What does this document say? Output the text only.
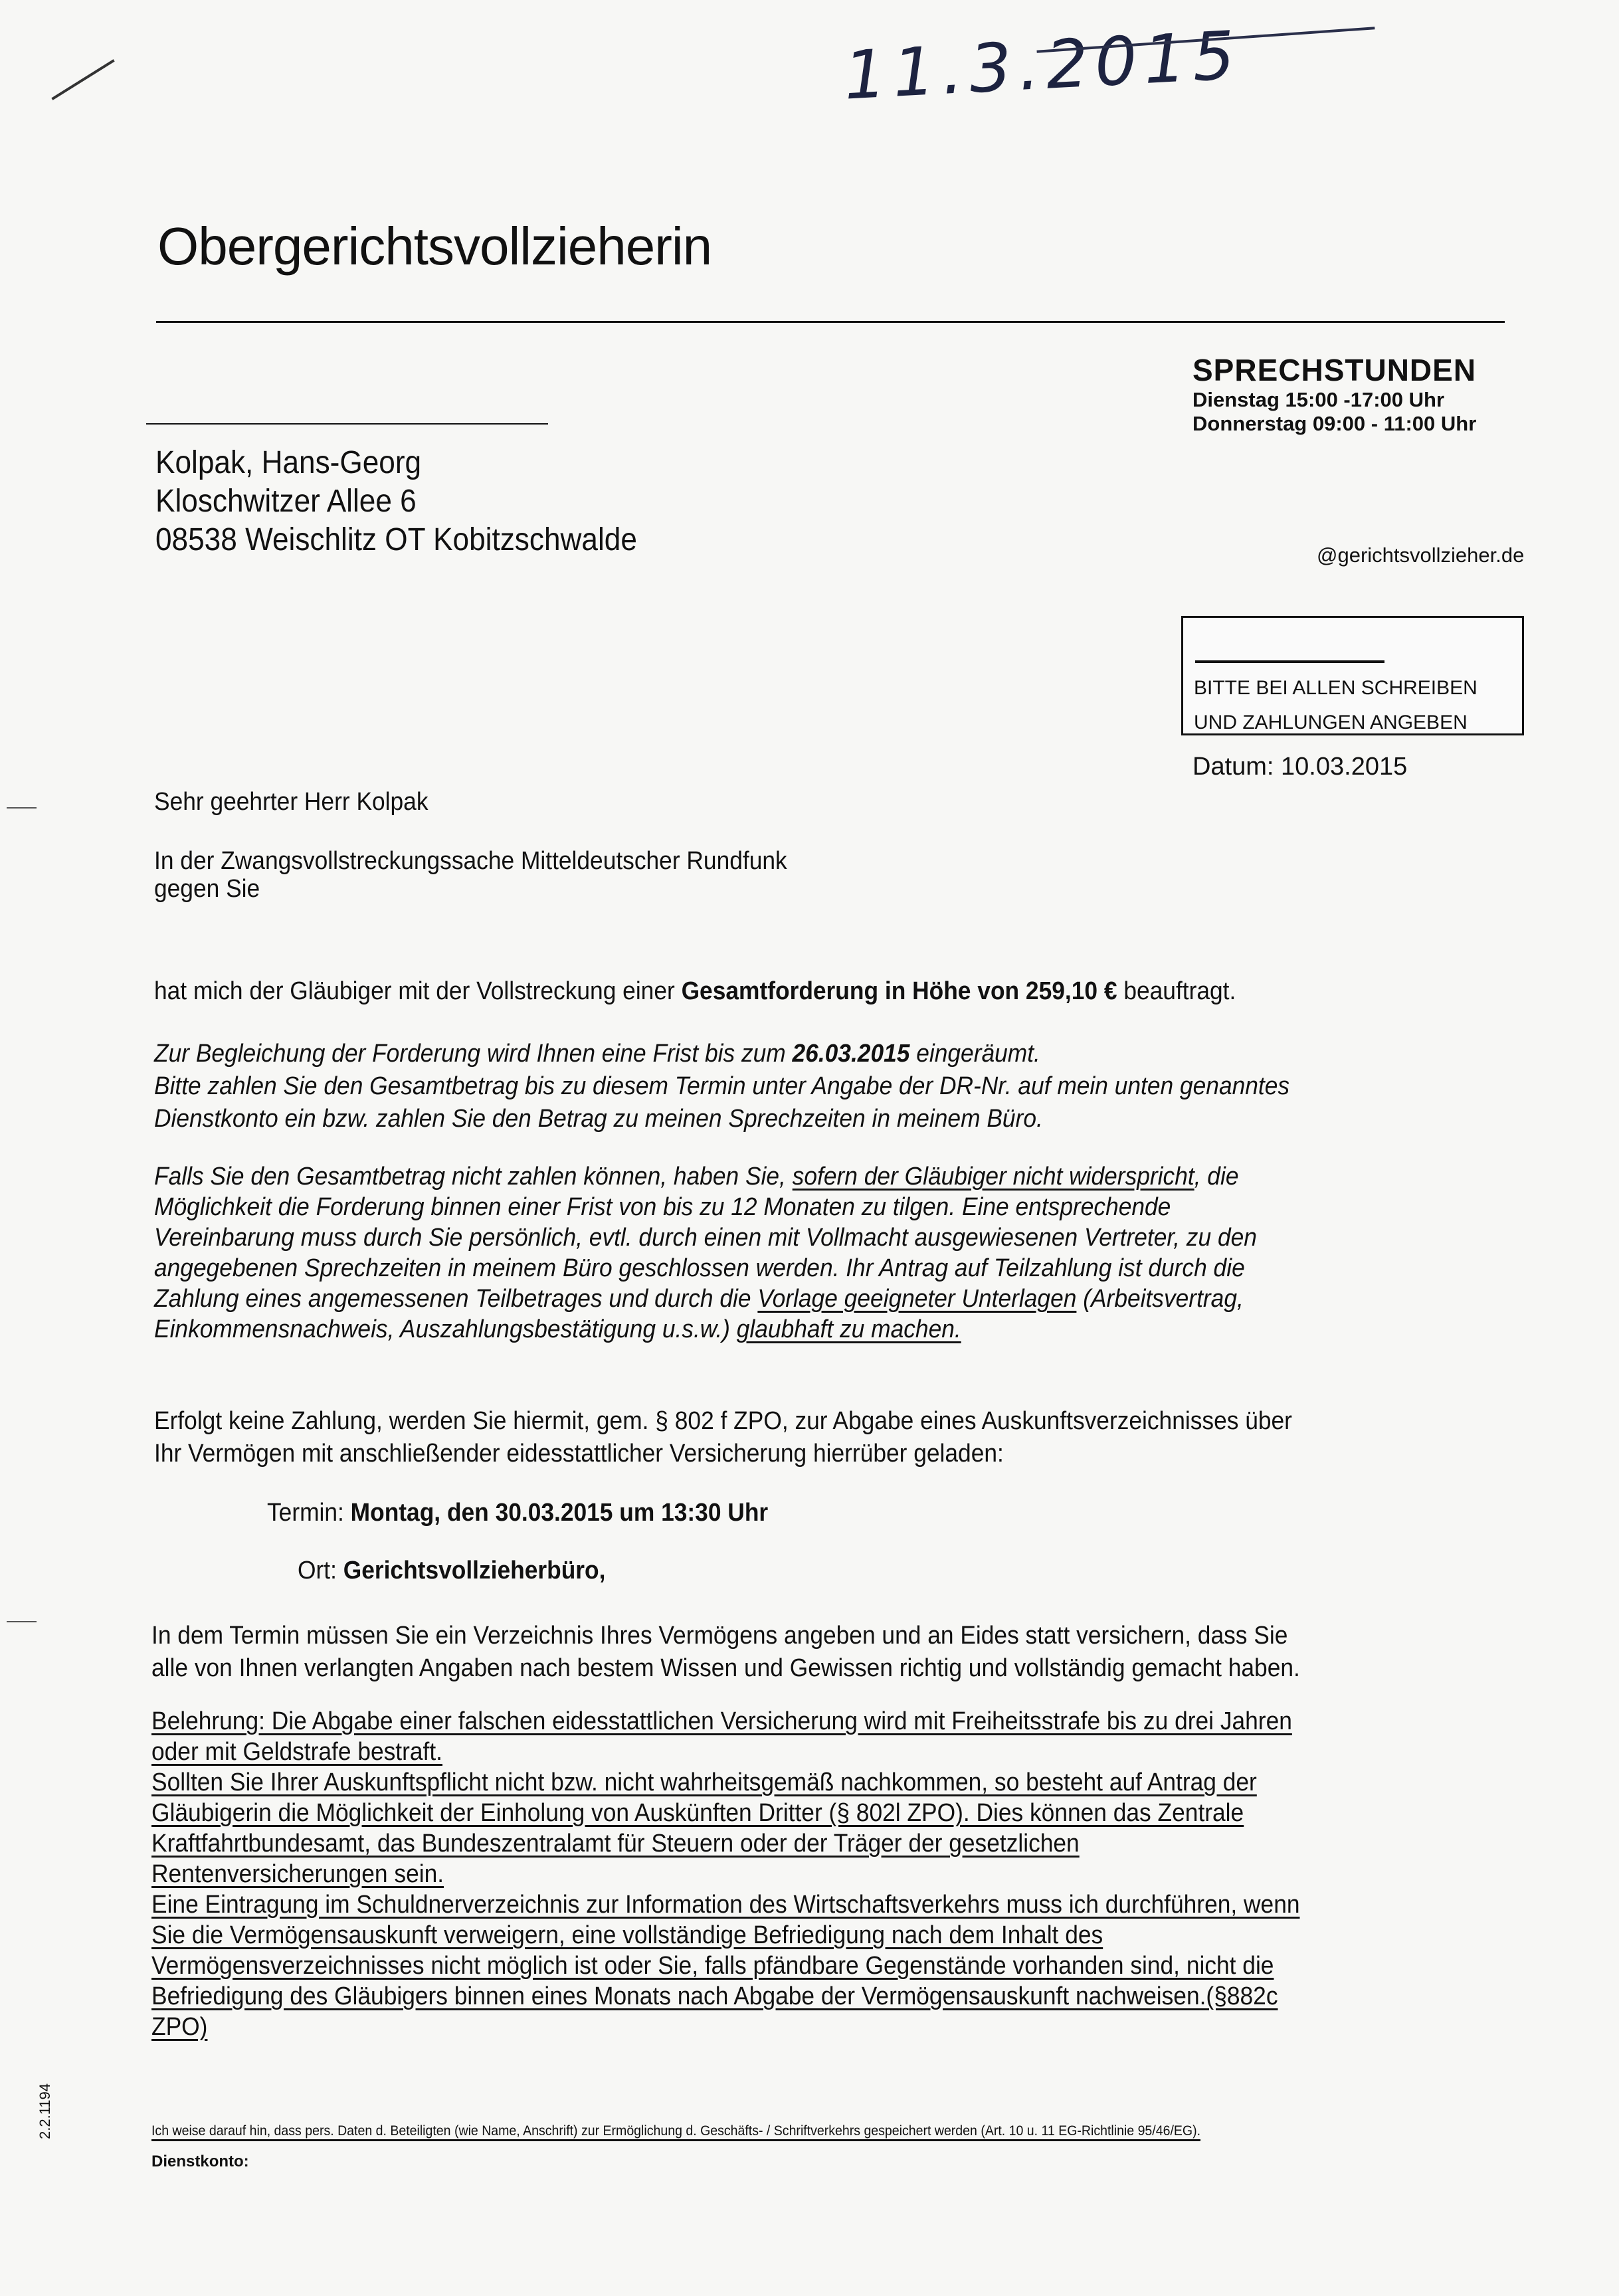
11.3.2015
Obergerichtsvollzieherin
SPRECHSTUNDEN
Dienstag 15:00 -17:00 Uhr
Donnerstag 09:00 - 11:00 Uhr
Kolpak, Hans-Georg
Kloschwitzer Allee 6
08538 Weischlitz OT Kobitzschwalde	@gerichtsvollzieher.de
BITTE BEI ALLEN SCHREIBEN
UND ZAHLUNGEN ANGEBEN
Datum: 10.03.2015
Sehr geehrter Herr Kolpak
In der Zwangsvollstreckungssache Mitteldeutscher Rundfunk
gegen Sie
hat mich der Gläubiger mit der Vollstreckung einer Gesamtforderung in Höhe von 259,10 € beauftragt.
Zur Begleichung der Forderung wird Ihnen eine Frist bis zum 26.03.2015 eingeräumt.
Bitte zahlen Sie den Gesamtbetrag bis zu diesem Termin unter Angabe der DR-Nr. auf mein unten genanntes
Dienstkonto ein bzw. zahlen Sie den Betrag zu meinen Sprechzeiten in meinem Büro.
Falls Sie den Gesamtbetrag nicht zahlen können, haben Sie, sofern der Gläubiger nicht widerspricht, die
Möglichkeit die Forderung binnen einer Frist von bis zu 12 Monaten zu tilgen. Eine entsprechende
Vereinbarung muss durch Sie persönlich, evtl. durch einen mit Vollmacht ausgewiesenen Vertreter, zu den
angegebenen Sprechzeiten in meinem Büro geschlossen werden. Ihr Antrag auf Teilzahlung ist durch die
Zahlung eines angemessenen Teilbetrages und durch die Vorlage geeigneter Unterlagen (Arbeitsvertrag,
Einkommensnachweis, Auszahlungsbestätigung u.s.w.) glaubhaft zu machen.
Erfolgt keine Zahlung, werden Sie hiermit, gem. § 802 f ZPO, zur Abgabe eines Auskunftsverzeichnisses über
Ihr Vermögen mit anschließender eidesstattlicher Versicherung hierrüber geladen:
Termin: Montag, den 30.03.2015 um 13:30 Uhr
Ort: Gerichtsvollzieherbüro,
In dem Termin müssen Sie ein Verzeichnis Ihres Vermögens angeben und an Eides statt versichern, dass Sie
alle von Ihnen verlangten Angaben nach bestem Wissen und Gewissen richtig und vollständig gemacht haben.
Belehrung: Die Abgabe einer falschen eidesstattlichen Versicherung wird mit Freiheitsstrafe bis zu drei Jahren
oder mit Geldstrafe bestraft.
Sollten Sie Ihrer Auskunftspflicht nicht bzw. nicht wahrheitsgemäß nachkommen, so besteht auf Antrag der
Gläubigerin die Möglichkeit der Einholung von Auskünften Dritter (§ 802l ZPO). Dies können das Zentrale
Kraftfahrtbundesamt, das Bundeszentralamt für Steuern oder der Träger der gesetzlichen
Rentenversicherungen sein.
Eine Eintragung im Schuldnerverzeichnis zur Information des Wirtschaftsverkehrs muss ich durchführen, wenn
Sie die Vermögensauskunft verweigern, eine vollständige Befriedigung nach dem Inhalt des
Vermögensverzeichnisses nicht möglich ist oder Sie, falls pfändbare Gegenstände vorhanden sind, nicht die
Befriedigung des Gläubigers binnen eines Monats nach Abgabe der Vermögensauskunft nachweisen.(§882c
ZPO)
Ich weise darauf hin, dass pers. Daten d. Beteiligten (wie Name, Anschrift) zur Ermöglichung d. Geschäfts- / Schriftverkehrs gespeichert werden (Art. 10 u. 11 EG-Richtlinie 95/46/EG).
Dienstkonto:
2.2.1194
